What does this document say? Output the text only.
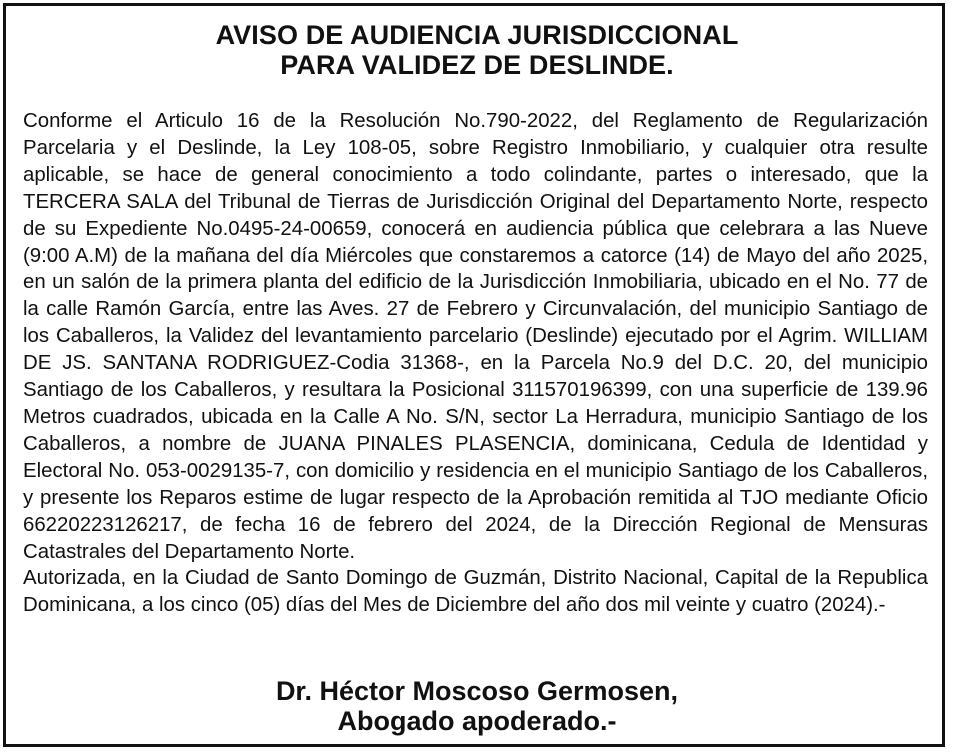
AVISO DE AUDIENCIA JURISDICCIONAL
PARA VALIDEZ DE DESLINDE.

Conforme el Articulo 16 de la Resolución No.790-2022, del Reglamento de Regularización Parcelaria y el Deslinde, la Ley 108-05, sobre Registro Inmobiliario, y cualquier otra resulte aplicable, se hace de general conocimiento a todo colindante, partes o interesado, que la TERCERA SALA del Tribunal de Tierras de Jurisdicción Original del Departamento Norte, respecto de su Expediente No.0495-24-00659, conocerá en audiencia pública que celebrara a las Nueve (9:00 A.M) de la mañana del día Miércoles que constaremos a catorce (14) de Mayo del año 2025, en un salón de la primera planta del edificio de la Jurisdicción Inmobiliaria, ubicado en el No. 77 de la calle Ramón García, entre las Aves. 27 de Febrero y Circunvalación, del municipio Santiago de los Caballeros, la Validez del levantamiento parcelario (Deslinde) ejecutado por el Agrim. WILLIAM DE JS. SANTANA RODRIGUEZ-Codia 31368-, en la Parcela No.9 del D.C. 20, del municipio Santiago de los Caballeros, y resultara la Posicional 311570196399, con una superficie de 139.96 Metros cuadrados, ubicada en la Calle A No. S/N, sector La Herradura, municipio Santiago de los Caballeros, a nombre de JUANA PINALES PLASENCIA, dominicana, Cedula de Identidad y Electoral No. 053-0029135-7, con domicilio y residencia en el municipio Santiago de los Caballeros, y presente los Reparos estime de lugar respecto de la Aprobación remitida al TJO mediante Oficio 66220223126217, de fecha 16 de febrero del 2024, de la Dirección Regional de Mensuras Catastrales del Departamento Norte.

Autorizada, en la Ciudad de Santo Domingo de Guzmán, Distrito Nacional, Capital de la Republica Dominicana, a los cinco (05) días del Mes de Diciembre del año dos mil veinte y cuatro (2024).-

Dr. Héctor Moscoso Germosen,
Abogado apoderado.-
